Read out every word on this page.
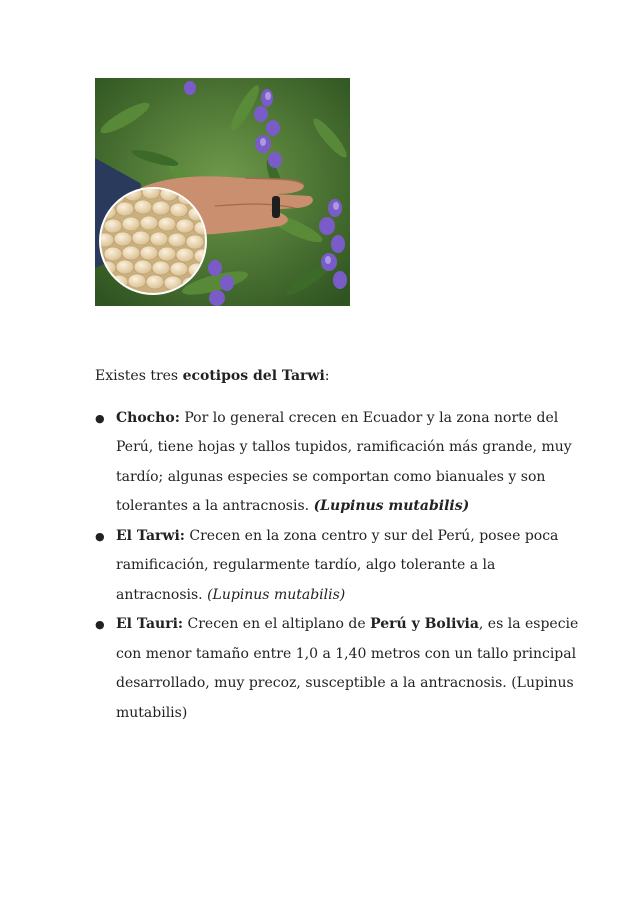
Existes tres ecotipos del Tarwi:

● Chocho: Por lo general crecen en Ecuador y la zona norte del Perú, tiene hojas y tallos tupidos, ramificación más grande, muy tardío; algunas especies se comportan como bianuales y son tolerantes a la antracnosis. (Lupinus mutabilis)
● El Tarwi: Crecen en la zona centro y sur del Perú, posee poca ramificación, regularmente tardío, algo tolerante a la antracnosis. (Lupinus mutabilis)
● El Tauri: Crecen en el altiplano de Perú y Bolivia, es la especie con menor tamaño entre 1,0 a 1,40 metros con un tallo principal desarrollado, muy precoz, susceptible a la antracnosis. (Lupinus mutabilis)
